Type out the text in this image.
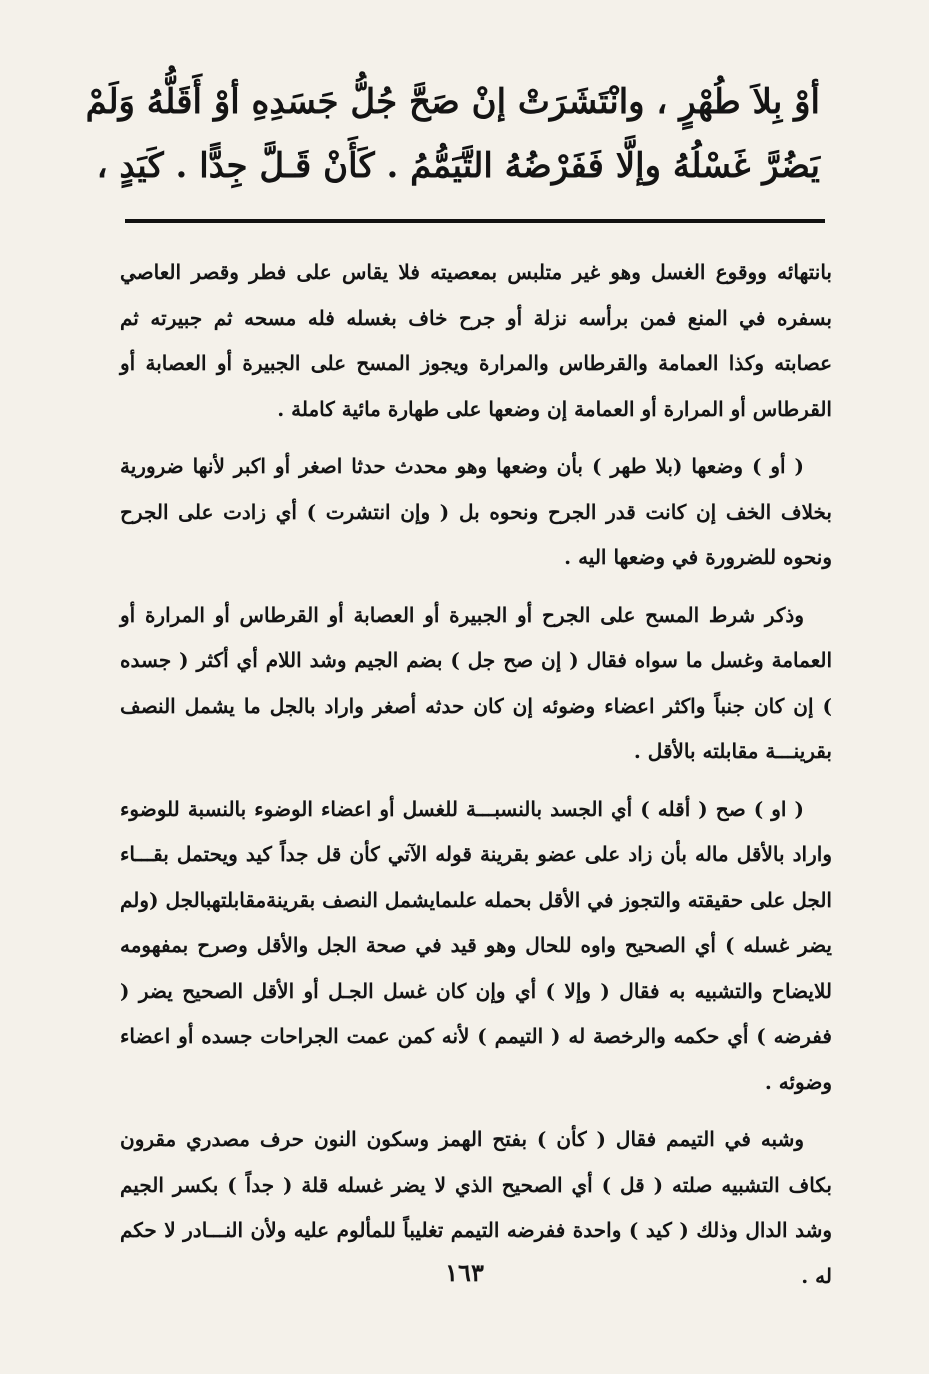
أوْ بِلاَ طُهْرٍ ، وانْتَشَرَتْ إنْ صَحَّ جُلُّ جَسَدِهِ أوْ أَقَلُّهُ وَلَمْ

يَضُرَّ غَسْلُهُ وإلَّا فَفَرْضُهُ التَّيَمُّمُ . كَأَنْ قَـلَّ جِدًّا . كَيَدٍ ،

بانتهائه ووقوع الغسل وهو غير متلبس بمعصيته فلا يقاس على فطر وقصر العاصي بسفره في المنع فمن برأسه نزلة أو جرح خاف بغسله فله مسحه ثم جبيرته ثم عصابته وكذا العمامة والقرطاس والمرارة ويجوز المسح على الجبيرة أو العصابة أو القرطاس أو المرارة أو العمامة إن وضعها على طهارة مائية كاملة .

( أو ) وضعها (بلا طهر ) بأن وضعها وهو محدث حدثا اصغر أو اكبر لأنها ضرورية بخلاف الخف إن كانت قدر الجرح ونحوه بل ( وإن انتشرت ) أي زادت على الجرح ونحوه للضرورة في وضعها اليه .

وذكر شرط المسح على الجرح أو الجبيرة أو العصابة أو القرطاس أو المرارة أو العمامة وغسل ما سواه فقال ( إن صح جل ) بضم الجيم وشد اللام أي أكثر ( جسده ) إن كان جنباً واكثر اعضاء وضوئه إن كان حدثه أصغر واراد بالجل ما يشمل النصف بقرينـــة مقابلته بالأقل .

( او ) صح ( أقله ) أي الجسد بالنسبـــة للغسل أو اعضاء الوضوء بالنسبة للوضوء واراد بالأقل ماله بأن زاد على عضو بقرينة قوله الآتي كأن قل جداً كيد ويحتمل بقـــاء الجل على حقيقته والتجوز في الأقل بحمله علىمايشمل النصف بقرينةمقابلتهبالجل (ولم يضر غسله ) أي الصحيح واوه للحال وهو قيد في صحة الجل والأقل وصرح بمفهومه للايضاح والتشبيه به فقال ( وإلا ) أي وإن كان غسل الجـل أو الأقل الصحيح يضر ( ففرضه ) أي حكمه والرخصة له ( التيمم ) لأنه كمن عمت الجراحات جسده أو اعضاء وضوئه .

وشبه في التيمم فقال ( كأن ) بفتح الهمز وسكون النون حرف مصدري مقرون بكاف التشبيه صلته ( قل ) أي الصحيح الذي لا يضر غسله قلة ( جداً ) بكسر الجيم وشد الدال وذلك ( كيد ) واحدة ففرضه التيمم تغليباً للمألوم عليه ولأن النـــادر لا حكم له .

١٦٣
